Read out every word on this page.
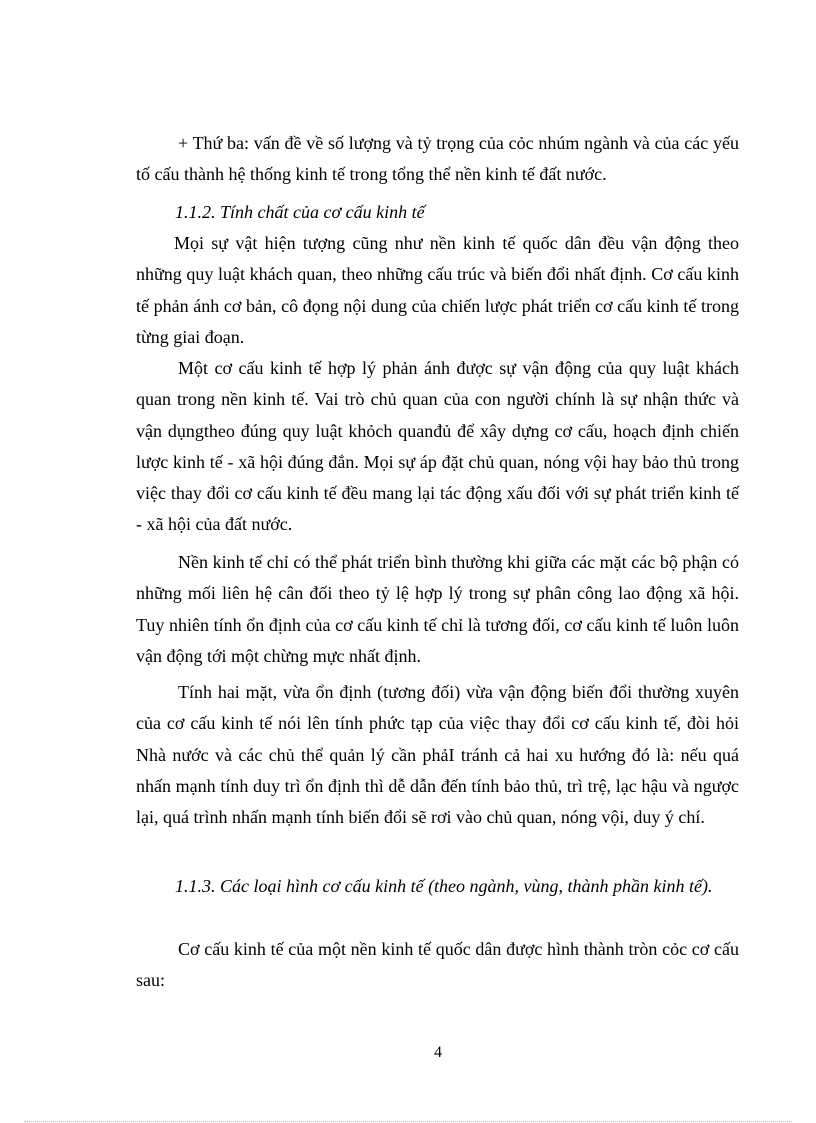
+ Thứ ba: vấn đề về số lượng và tỷ trọng của cỏc nhúm ngành và của các yếu tố cấu thành hệ thống kinh tế trong tổng thể nền kinh tế đất nước.

1.1.2. Tính chất của cơ cấu kinh tế

Mọi sự vật hiện tượng cũng như nền kinh tế quốc dân đều vận động theo những quy luật khách quan, theo những cấu trúc và biến đổi nhất định. Cơ cấu kinh tế phản ánh cơ bản, cô đọng nội dung của chiến lược phát triển cơ cấu kinh tế trong từng giai đoạn.

Một cơ cấu kinh tế hợp lý phản ánh được sự vận động của quy luật khách quan trong nền kinh tế. Vai trò chủ quan của con người chính là sự nhận thức và vận dụngtheo đúng quy luật khỏch quanđủ để xây dựng cơ cấu, hoạch định chiến lược kinh tế - xã hội đúng đắn. Mọi sự áp đặt chủ quan, nóng vội hay bảo thủ trong việc thay đổi cơ cấu kinh tế đều mang lại tác động xấu đối với sự phát triển kinh tế - xã hội của đất nước.

Nền kinh tế chỉ có thể phát triển bình thường khi giữa các mặt các bộ phận có những mối liên hệ cân đối theo tỷ lệ hợp lý trong sự phân công lao động xã hội. Tuy nhiên tính ổn định của cơ cấu kinh tế chỉ là tương đối, cơ cấu kinh tế luôn luôn vận động tới một chừng mực nhất định.

Tính hai mặt, vừa ổn định (tương đối) vừa vận động biến đổi thường xuyên của cơ cấu kinh tế nói lên tính phức tạp của việc thay đổi cơ cấu kinh tế, đòi hỏi Nhà nước và các chủ thể quản lý cần phảI tránh cả hai xu hướng đó là: nếu quá nhấn mạnh tính duy trì ổn định thì dễ dẫn đến tính bảo thủ, trì trệ, lạc hậu và ngược lại, quá trình nhấn mạnh tính biến đổi sẽ rơi vào chủ quan, nóng vội, duy ý chí.

1.1.3. Các loại hình cơ cấu kinh tế (theo ngành, vùng, thành phần kinh tế).

Cơ cấu kinh tế của một nền kinh tế quốc dân được hình thành tròn cỏc cơ cấu sau:

4
